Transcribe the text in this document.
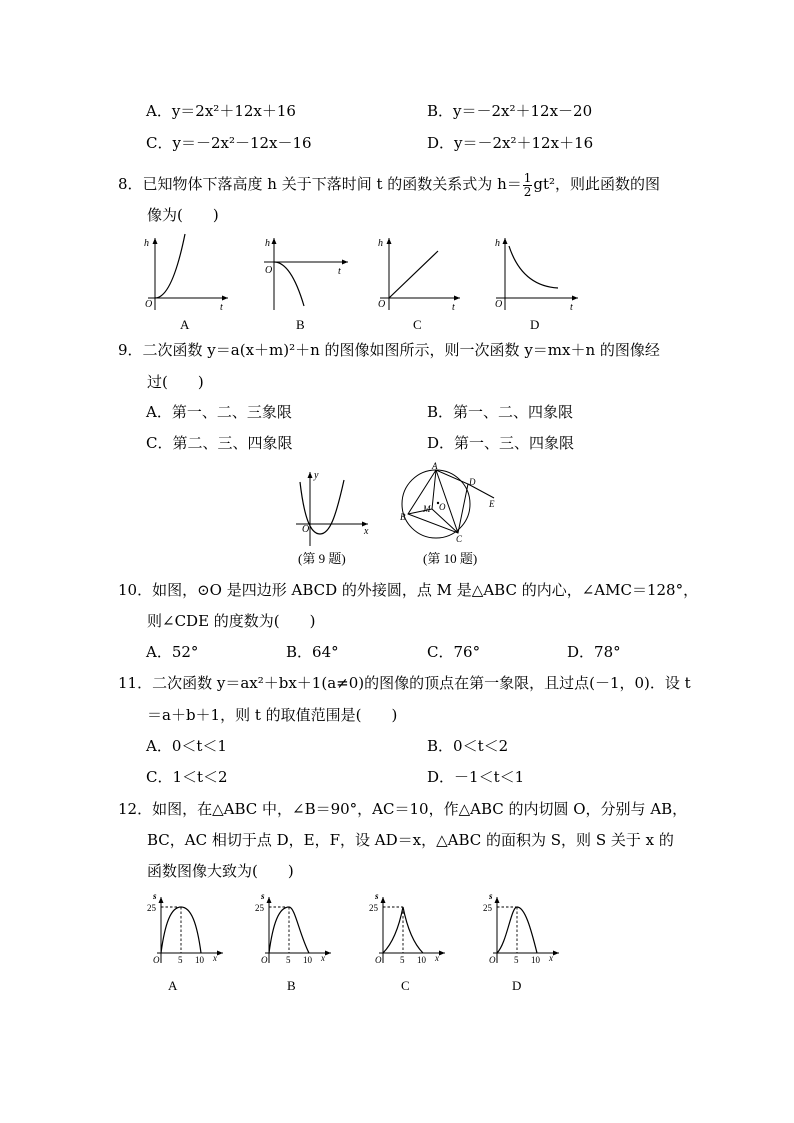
A．y＝2x²＋12x＋16	B．y＝－2x²＋12x－20
C．y＝－2x²－12x－16	D．y＝－2x²＋12x＋16
8．已知物体下落高度 h 关于下落时间 t 的函数关系式为 $h= \frac{1}{2} gt^2$，则此函数的图
像为(　　)
h
t
O
h
t
O
h
t
O
h
t
O
A	B	C	D
9．二次函数 y＝a(x＋m)²＋n 的图像如图所示，则一次函数 y＝mx＋n 的图像经
过(　　)
A．第一、二、三象限	B．第一、二、四象限
C．第二、三、四象限	D．第一、三、四象限
y
x
O
(第 9 题)
A
B
C
D
E
M O
(第 10 题)
10．如图，⊙O 是四边形 ABCD 的外接圆，点 M 是△ABC 的内心，∠AMC＝128°，
则∠CDE 的度数为(　　)
A．52°	B．64°	C．76°	D．78°
11．二次函数 y＝ax²＋bx＋1(a≠0)的图像的顶点在第一象限，且过点(－1，0)．设 t
＝a＋b＋1，则 t 的取值范围是(　　)
A．0＜t＜1	B．0＜t＜2
C．1＜t＜2	D．－1＜t＜1
12．如图，在△ABC 中，∠B＝90°，AC＝10，作△ABC 的内切圆 O，分别与 AB，
BC，AC 相切于点 D，E，F，设 AD＝x，△ABC 的面积为 S，则 S 关于 x 的
函数图像大致为(　　)
s
25
O 5 10 x
s
25
O 5 10 x
s
25
O 5 10 x
s
25
O 5 10 x
A	B	C	D
